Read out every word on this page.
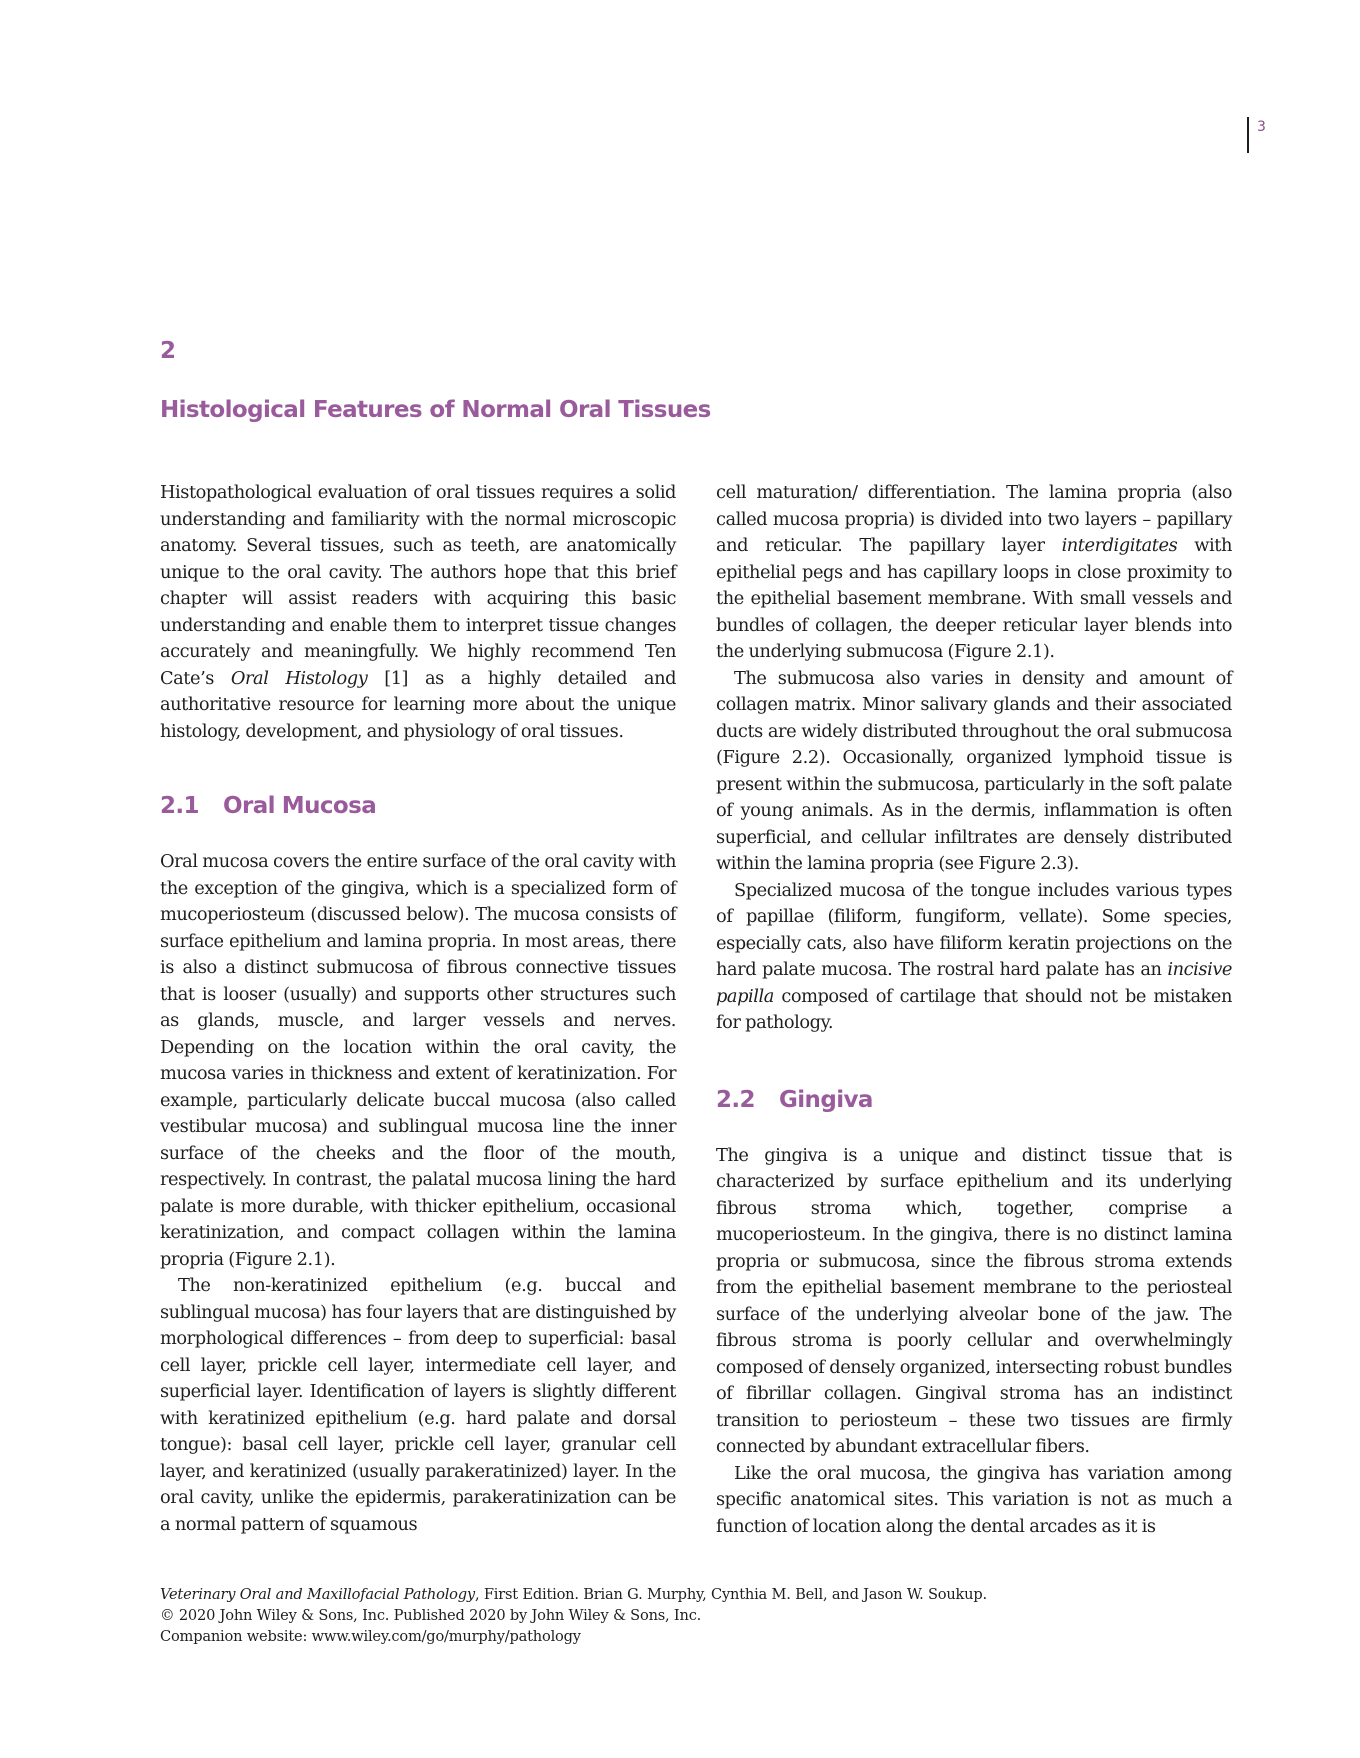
3
2
Histological Features of Normal Oral Tissues

Histopathological evaluation of oral tissues requires a solid understanding and familiarity with the normal microscopic anatomy. Several tissues, such as teeth, are anatomically unique to the oral cavity. The authors hope that this brief chapter will assist readers with acquiring this basic understanding and enable them to interpret tissue changes accurately and meaningfully. We highly recommend Ten Cate’s Oral Histology [1] as a highly detailed and authoritative resource for learning more about the unique histology, development, and physiology of oral tissues.

2.1 Oral Mucosa

Oral mucosa covers the entire surface of the oral cavity with the exception of the gingiva, which is a specialized form of mucoperiosteum (discussed below). The mucosa consists of surface epithelium and lamina propria. In most areas, there is also a distinct submucosa of fibrous connective tissues that is looser (usually) and supports other structures such as glands, muscle, and larger vessels and nerves. Depending on the location within the oral cavity, the mucosa varies in thickness and extent of keratinization. For example, particularly delicate buccal mucosa (also called vestibular mucosa) and sublingual mucosa line the inner surface of the cheeks and the floor of the mouth, respectively. In contrast, the palatal mucosa lining the hard palate is more durable, with thicker epithelium, occasional keratinization, and compact collagen within the lamina propria (Figure 2.1).

The non-keratinized epithelium (e.g. buccal and sublingual mucosa) has four layers that are distinguished by morphological differences – from deep to superficial: basal cell layer, prickle cell layer, intermediate cell layer, and superficial layer. Identification of layers is slightly different with keratinized epithelium (e.g. hard palate and dorsal tongue): basal cell layer, prickle cell layer, granular cell layer, and keratinized (usually parakeratinized) layer. In the oral cavity, unlike the epidermis, parakeratinization can be a normal pattern of squamous

cell maturation/ differentiation. The lamina propria (also called mucosa propria) is divided into two layers – papillary and reticular. The papillary layer interdigitates with epithelial pegs and has capillary loops in close proximity to the epithelial basement membrane. With small vessels and bundles of collagen, the deeper reticular layer blends into the underlying submucosa (Figure 2.1).

The submucosa also varies in density and amount of collagen matrix. Minor salivary glands and their associated ducts are widely distributed throughout the oral submucosa (Figure 2.2). Occasionally, organized lymphoid tissue is present within the submucosa, particularly in the soft palate of young animals. As in the dermis, inflammation is often superficial, and cellular infiltrates are densely distributed within the lamina propria (see Figure 2.3).

Specialized mucosa of the tongue includes various types of papillae (filiform, fungiform, vellate). Some species, especially cats, also have filiform keratin projections on the hard palate mucosa. The rostral hard palate has an incisive papilla composed of cartilage that should not be mistaken for pathology.

2.2 Gingiva

The gingiva is a unique and distinct tissue that is characterized by surface epithelium and its underlying fibrous stroma which, together, comprise a mucoperiosteum. In the gingiva, there is no distinct lamina propria or submucosa, since the fibrous stroma extends from the epithelial basement membrane to the periosteal surface of the underlying alveolar bone of the jaw. The fibrous stroma is poorly cellular and overwhelmingly composed of densely organized, intersecting robust bundles of fibrillar collagen. Gingival stroma has an indistinct transition to periosteum – these two tissues are firmly connected by abundant extracellular fibers.

Like the oral mucosa, the gingiva has variation among specific anatomical sites. This variation is not as much a function of location along the dental arcades as it is

Veterinary Oral and Maxillofacial Pathology, First Edition. Brian G. Murphy, Cynthia M. Bell, and Jason W. Soukup.
© 2020 John Wiley & Sons, Inc. Published 2020 by John Wiley & Sons, Inc.
Companion website: www.wiley.com/go/murphy/pathology
